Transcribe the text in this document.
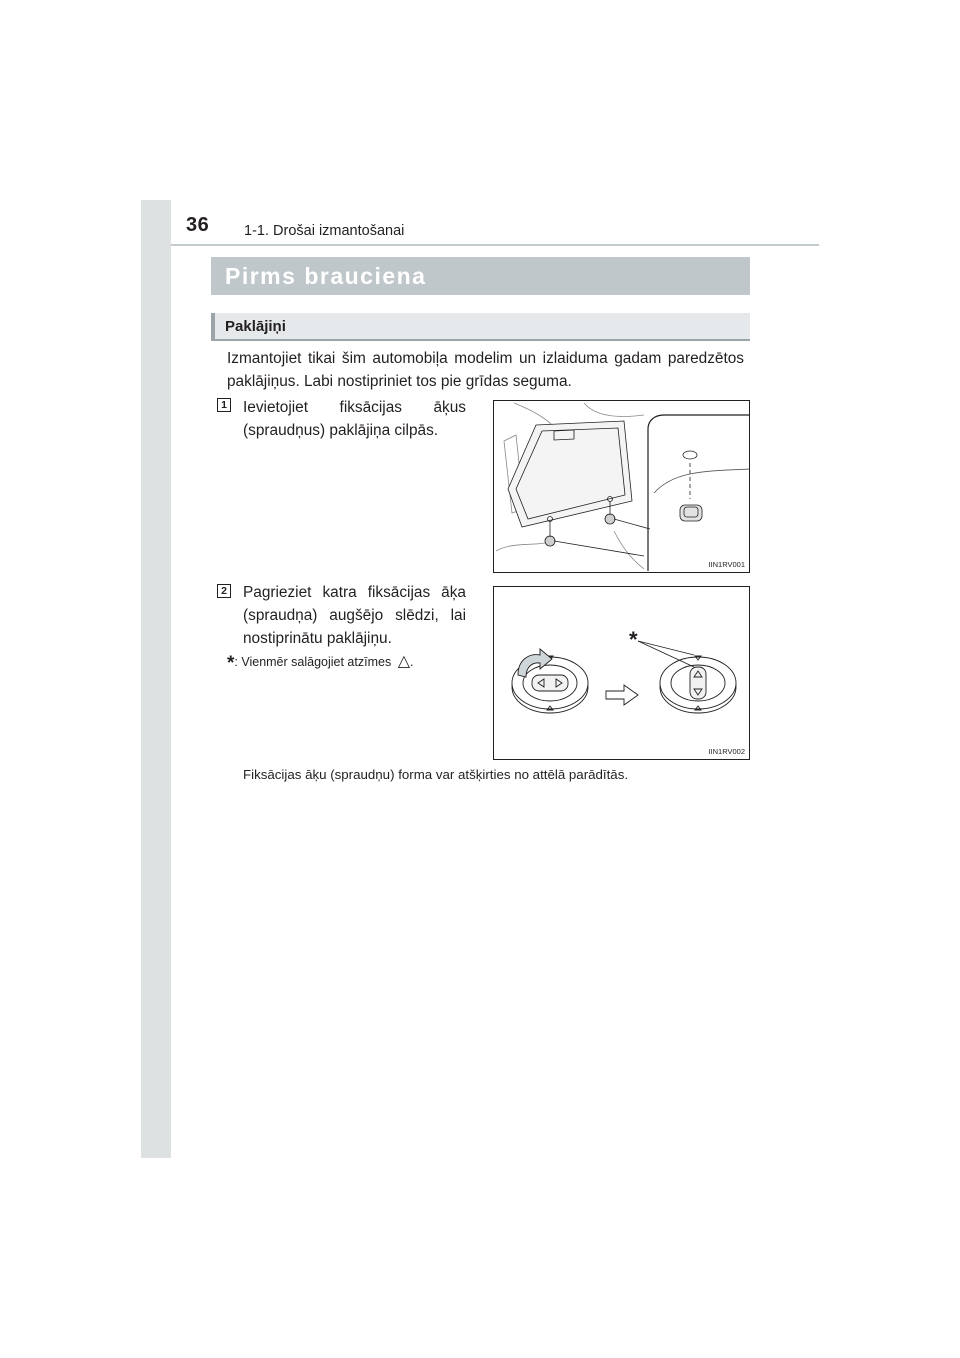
36 1-1. Drošai izmantošanai
Pirms brauciena
Paklājiņi
Izmantojiet tikai šim automobiļa modelim un izlaiduma gadam paredzētos paklājiņus. Labi nostipriniet tos pie grīdas seguma.
1 Ievietojiet fiksācijas āķus (spraudņus) paklājiņa cilpās.
IIN1RV001
2 Pagrieziet katra fiksācijas āķa (spraudņa) augšējo slēdzi, lai nostiprinātu paklājiņu.
*: Vienmēr salāgojiet atzīmes △.
*
IIN1RV002
Fiksācijas āķu (spraudņu) forma var atšķirties no attēlā parādītās.
